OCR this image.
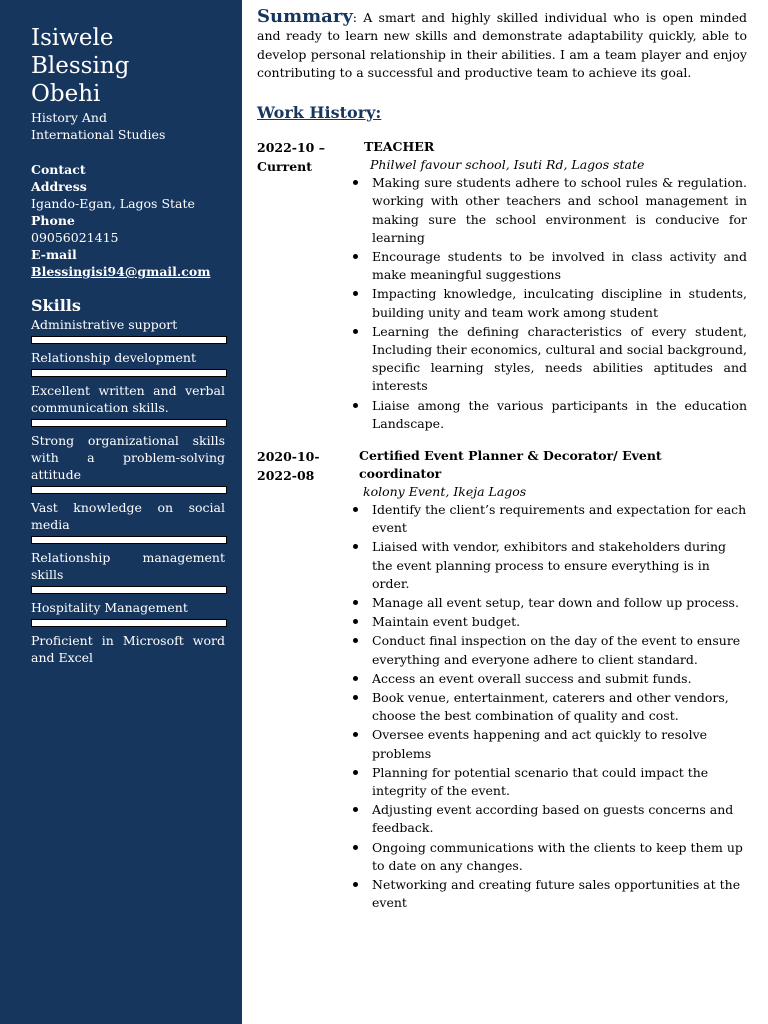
Isiwele
Blessing
Obehi
History And
International Studies
Contact
Address
Igando-Egan, Lagos State
Phone
09056021415
E-mail
Blessingisi94@gmail.com
Skills
Administrative support
Relationship development
Excellent written and verbal communication skills.
Strong organizational skills with a problem-solving attitude
Vast knowledge on social media
Relationship management skills
Hospitality Management
Proficient in Microsoft word and Excel
Summary: A smart and highly skilled individual who is open minded and ready to learn new skills and demonstrate adaptability quickly, able to develop personal relationship in their abilities. I am a team player and enjoy contributing to a successful and productive team to achieve its goal.
Work History:
2022-10 –
Current
TEACHER
Philwel favour school, Isuti Rd, Lagos state
Making sure students adhere to school rules & regulation. working with other teachers and school management in making sure the school environment is conducive for learning
Encourage students to be involved in class activity and make meaningful suggestions
Impacting knowledge, inculcating discipline in students, building unity and team work among student
Learning the defining characteristics of every student, Including their economics, cultural and social background, specific learning styles, needs abilities aptitudes and interests
Liaise among the various participants in the education Landscape.
2020-10-
2022-08
Certified Event Planner & Decorator/ Event coordinator
kolony Event, Ikeja Lagos
Identify the client’s requirements and expectation for each event
Liaised with vendor, exhibitors and stakeholders during the event planning process to ensure everything is in order.
Manage all event setup, tear down and follow up process.
Maintain event budget.
Conduct final inspection on the day of the event to ensure everything and everyone adhere to client standard.
Access an event overall success and submit funds.
Book venue, entertainment, caterers and other vendors, choose the best combination of quality and cost.
Oversee events happening and act quickly to resolve problems
Planning for potential scenario that could impact the integrity of the event.
Adjusting event according based on guests concerns and feedback.
Ongoing communications with the clients to keep them up to date on any changes.
Networking and creating future sales opportunities at the event
